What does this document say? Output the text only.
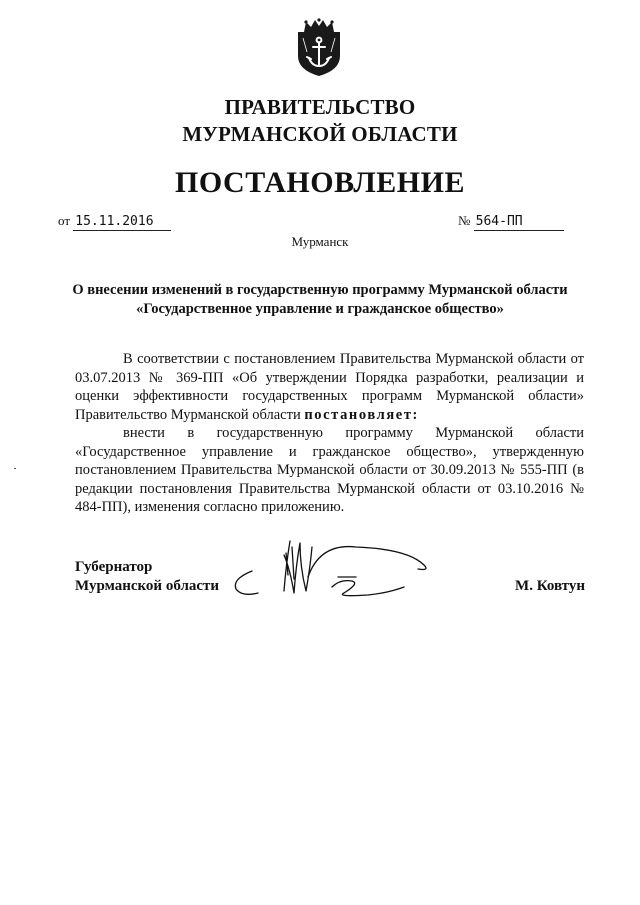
ПРАВИТЕЛЬСТВО
МУРМАНСКОЙ ОБЛАСТИ
ПОСТАНОВЛЕНИЕ
от 15.11.2016	№ 564-ПП
Мурманск
О внесении изменений в государственную программу Мурманской области
«Государственное управление и гражданское общество»

В соответствии с постановлением Правительства Мурманской области от 03.07.2013 № 369-ПП «Об утверждении Порядка разработки, реализации и оценки эффективности государственных программ Мурманской области» Правительство Мурманской области постановляет:

внести в государственную программу Мурманской области «Государственное управление и гражданское общество», утвержденную постановлением Правительства Мурманской области от 30.09.2013 № 555-ПП (в редакции постановления Правительства Мурманской области от 03.10.2016 № 484-ПП), изменения согласно приложению.

Губернатор
Мурманской области	М. Ковтун
